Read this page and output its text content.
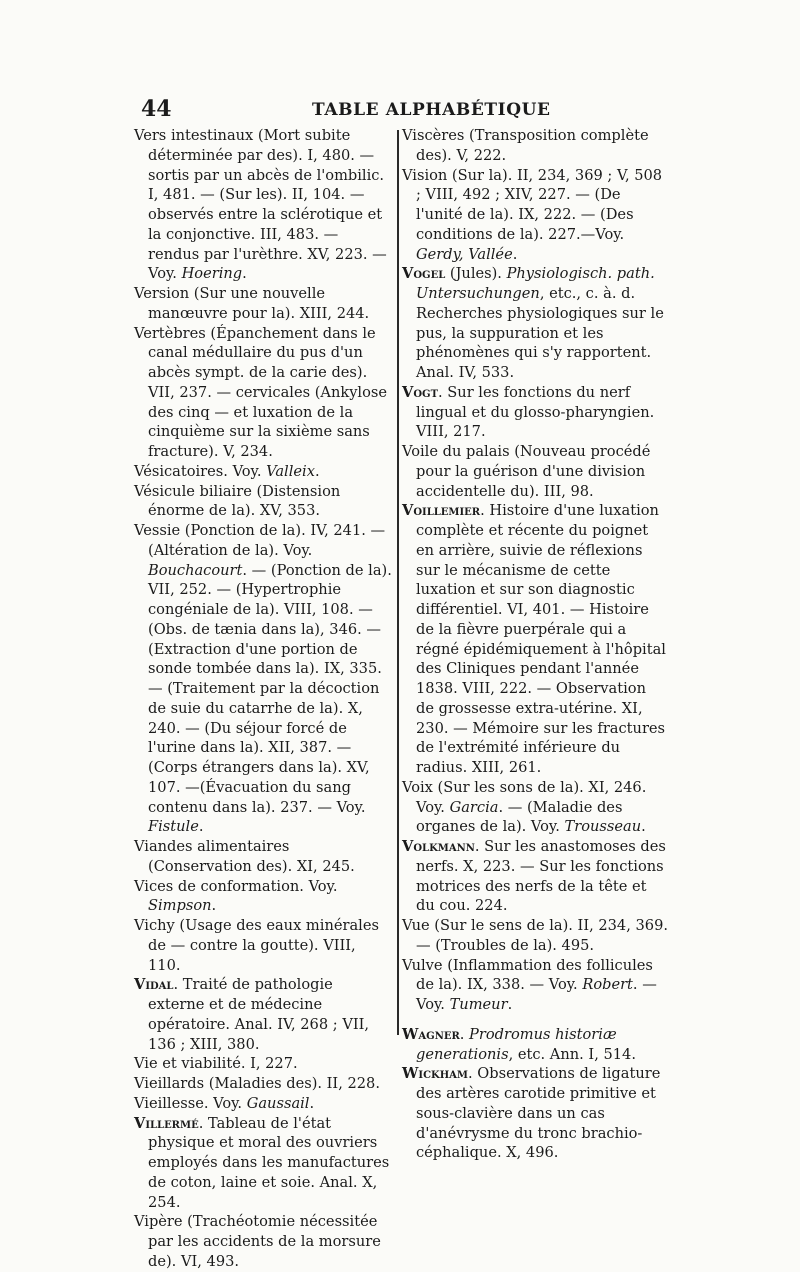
44	TABLE ALPHABÉTIQUE

Vers intestinaux (Mort subite déterminée par des). I, 480. — sortis par un abcès de l'ombilic. I, 481. — (Sur les). II, 104. — observés entre la sclérotique et la conjonctive. III, 483. — rendus par l'urèthre. XV, 223. — Voy. Hoering.

Version (Sur une nouvelle manœuvre pour la). XIII, 244.

Vertèbres (Épanchement dans le canal médullaire du pus d'un abcès sympt. de la carie des). VII, 237. — cervicales (Ankylose des cinq — et luxation de la cinquième sur la sixième sans fracture). V, 234.

Vésicatoires. Voy. Valleix.

Vésicule biliaire (Distension énorme de la). XV, 353.

Vessie (Ponction de la). IV, 241. — (Altération de la). Voy. Bouchacourt. — (Ponction de la). VII, 252. — (Hypertrophie congéniale de la). VIII, 108. — (Obs. de tænia dans la), 346. — (Extraction d'une portion de sonde tombée dans la). IX, 335. — (Traitement par la décoction de suie du catarrhe de la). X, 240. — (Du séjour forcé de l'urine dans la). XII, 387. — (Corps étrangers dans la). XV, 107. —(Évacuation du sang contenu dans la). 237. — Voy. Fistule.

Viandes alimentaires (Conservation des). XI, 245.

Vices de conformation. Voy. Simpson.

Vichy (Usage des eaux minérales de — contre la goutte). VIII, 110.

Vidal. Traité de pathologie externe et de médecine opératoire. Anal. IV, 268 ; VII, 136 ; XIII, 380.

Vie et viabilité. I, 227.

Vieillards (Maladies des). II, 228.

Vieillesse. Voy. Gaussail.

Villermé. Tableau de l'état physique et moral des ouvriers employés dans les manufactures de coton, laine et soie. Anal. X, 254.

Vipère (Trachéotomie nécessitée par les accidents de la morsure de). VI, 493.

Viscères (Transposition complète des). V, 222.

Vision (Sur la). II, 234, 369 ; V, 508 ; VIII, 492 ; XIV, 227. — (De l'unité de la). IX, 222. — (Des conditions de la). 227.—Voy. Gerdy, Vallée.

Vogel (Jules). Physiologisch. path. Untersuchungen, etc., c. à. d. Recherches physiologiques sur le pus, la suppuration et les phénomènes qui s'y rapportent. Anal. IV, 533.

Vogt. Sur les fonctions du nerf lingual et du glosso-pharyngien. VIII, 217.

Voile du palais (Nouveau procédé pour la guérison d'une division accidentelle du). III, 98.

Voillemier. Histoire d'une luxation complète et récente du poignet en arrière, suivie de réflexions sur le mécanisme de cette luxation et sur son diagnostic différentiel. VI, 401. — Histoire de la fièvre puerpérale qui a régné épidémiquement à l'hôpital des Cliniques pendant l'année 1838. VIII, 222. — Observation de grossesse extra-utérine. XI, 230. — Mémoire sur les fractures de l'extrémité inférieure du radius. XIII, 261.

Voix (Sur les sons de la). XI, 246. Voy. Garcia. — (Maladie des organes de la). Voy. Trousseau.

Volkmann. Sur les anastomoses des nerfs. X, 223. — Sur les fonctions motrices des nerfs de la tête et du cou. 224.

Vue (Sur le sens de la). II, 234, 369. — (Troubles de la). 495.

Vulve (Inflammation des follicules de la). IX, 338. — Voy. Robert. — Voy. Tumeur.

Wagner. Prodromus historiæ generationis, etc. Ann. I, 514.

Wickham. Observations de ligature des artères carotide primitive et sous-clavière dans un cas d'anévrysme du tronc brachio-céphalique. X, 496.
